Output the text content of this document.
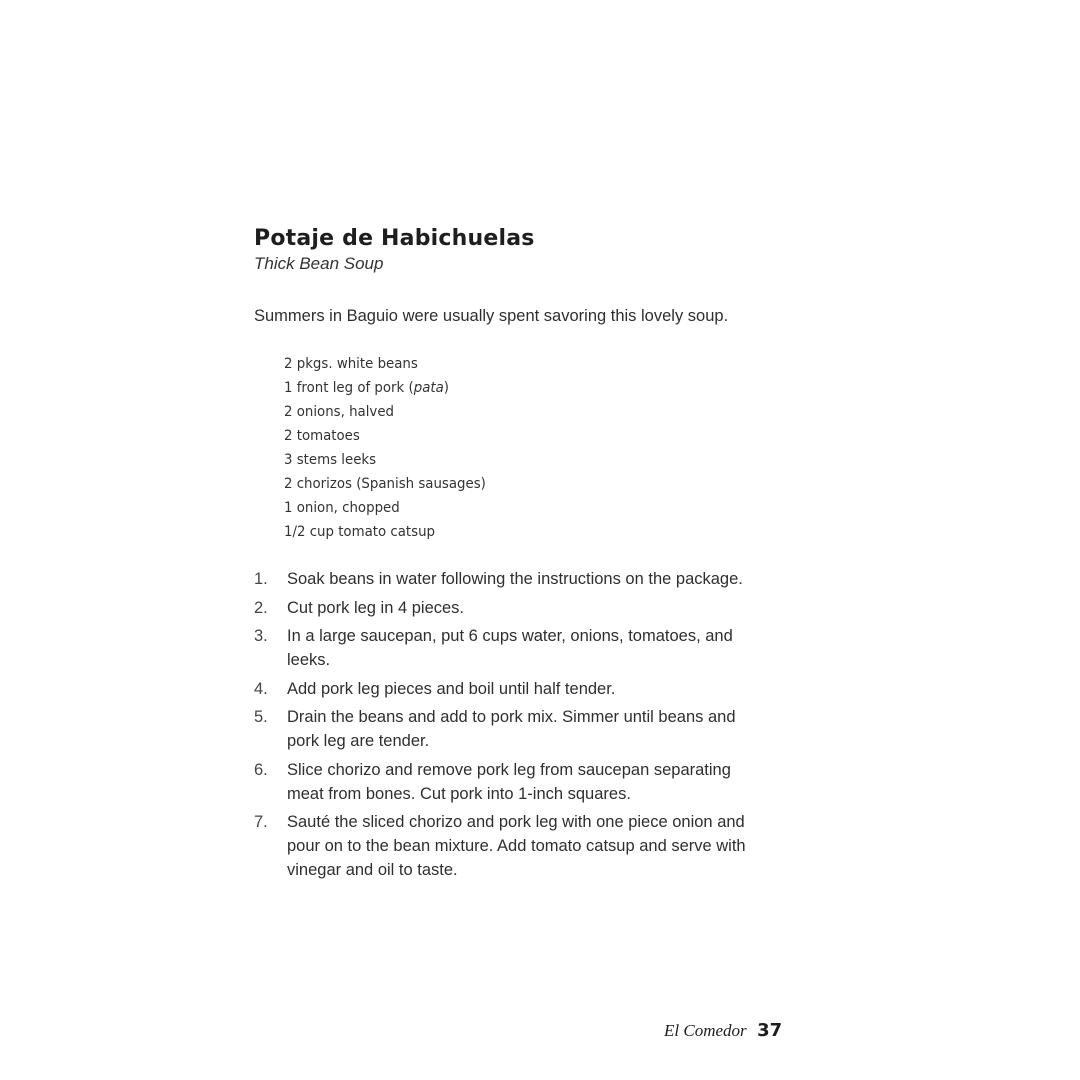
Potaje de Habichuelas
Thick Bean Soup
Summers in Baguio were usually spent savoring this lovely soup.
2 pkgs. white beans
1 front leg of pork (pata)
2 onions, halved
2 tomatoes
3 stems leeks
2 chorizos (Spanish sausages)
1 onion, chopped
1/2 cup tomato catsup
1.	Soak beans in water following the instructions on the package.
2.	Cut pork leg in 4 pieces.
3.	In a large saucepan, put 6 cups water, onions, tomatoes, and leeks.
4.	Add pork leg pieces and boil until half tender.
5.	Drain the beans and add to pork mix. Simmer until beans and pork leg are tender.
6.	Slice chorizo and remove pork leg from saucepan separating meat from bones. Cut pork into 1-inch squares.
7.	Sauté the sliced chorizo and pork leg with one piece onion and pour on to the bean mixture. Add tomato catsup and serve with vinegar and oil to taste.
El Comedor 37
